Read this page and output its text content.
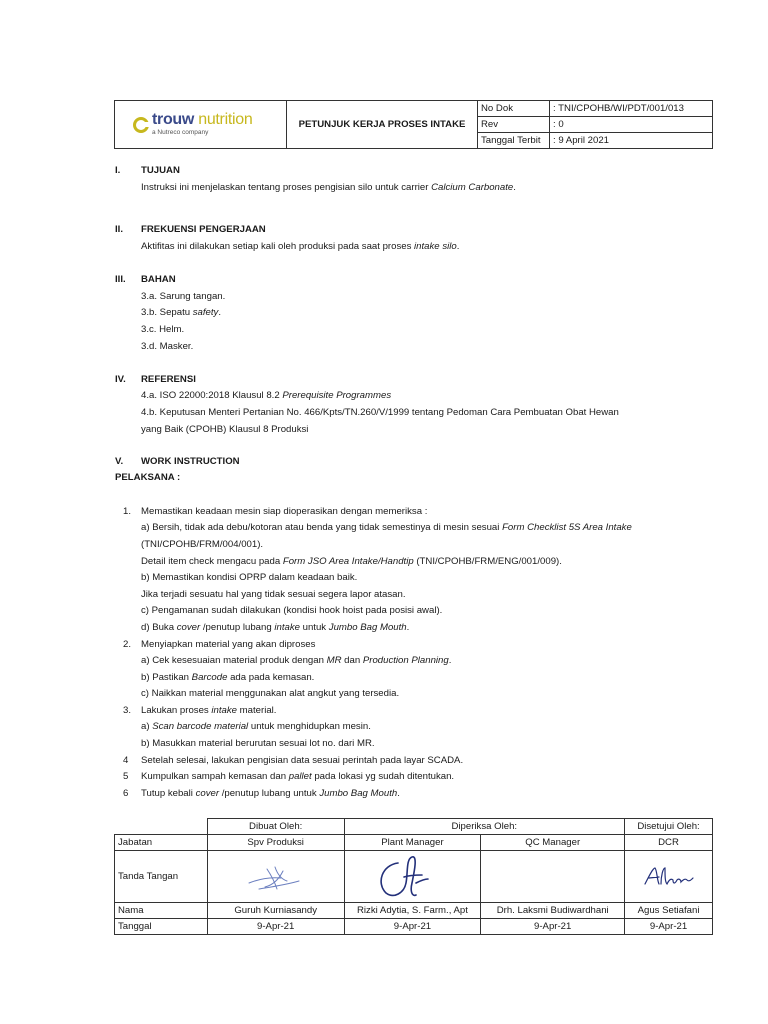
trouw nutrition
a Nutreco company	PETUNJUK KERJA PROSES INTAKE	No Dok	: TNI/CPOHB/WI/PDT/001/013
		Rev	: 0
		Tanggal Terbit	: 9 April 2021
I.	TUJUAN
Instruksi ini menjelaskan tentang proses pengisian silo untuk carrier Calcium Carbonate.
II.	FREKUENSI PENGERJAAN
Aktifitas ini dilakukan setiap kali oleh produksi pada saat proses intake silo.
III.	BAHAN
3.a. Sarung tangan.
3.b. Sepatu safety.
3.c. Helm.
3.d. Masker.
IV.	REFERENSI
4.a. ISO 22000:2018 Klausul 8.2 Prerequisite Programmes
4.b. Keputusan Menteri Pertanian No. 466/Kpts/TN.260/V/1999 tentang Pedoman Cara Pembuatan Obat Hewan
yang Baik (CPOHB) Klausul 8 Produksi
V.	WORK INSTRUCTION
PELAKSANA :
1. Memastikan keadaan mesin siap dioperasikan dengan memeriksa :
a) Bersih, tidak ada debu/kotoran atau benda yang tidak semestinya di mesin sesuai Form Checklist 5S Area Intake
(TNI/CPOHB/FRM/004/001).
Detail item check mengacu pada Form JSO Area Intake/Handtip (TNI/CPOHB/FRM/ENG/001/009).
b) Memastikan kondisi OPRP dalam keadaan baik.
Jika terjadi sesuatu hal yang tidak sesuai segera lapor atasan.
c) Pengamanan sudah dilakukan (kondisi hook hoist pada posisi awal).
d) Buka cover /penutup lubang intake untuk Jumbo Bag Mouth.
2. Menyiapkan material yang akan diproses
a) Cek kesesuaian material produk dengan MR dan Production Planning.
b) Pastikan Barcode ada pada kemasan.
c) Naikkan material menggunakan alat angkut yang tersedia.
3. Lakukan proses intake material.
a) Scan barcode material untuk menghidupkan mesin.
b) Masukkan material berurutan sesuai lot no. dari MR.
4 Setelah selesai, lakukan pengisian data sesuai perintah pada layar SCADA.
5 Kumpulkan sampah kemasan dan pallet pada lokasi yg sudah ditentukan.
6 Tutup kebali cover /penutup lubang untuk Jumbo Bag Mouth.
	Dibuat Oleh:	Diperiksa Oleh:		Disetujui Oleh:
Jabatan	Spv Produksi	Plant Manager	QC Manager	DCR
Tanda Tangan	

Nama	Guruh Kurniasandy	Rizki Adytia, S. Farm., Apt	Drh. Laksmi Budiwardhani	Agus Setiafani
Tanggal	9-Apr-21	9-Apr-21	9-Apr-21	9-Apr-21
